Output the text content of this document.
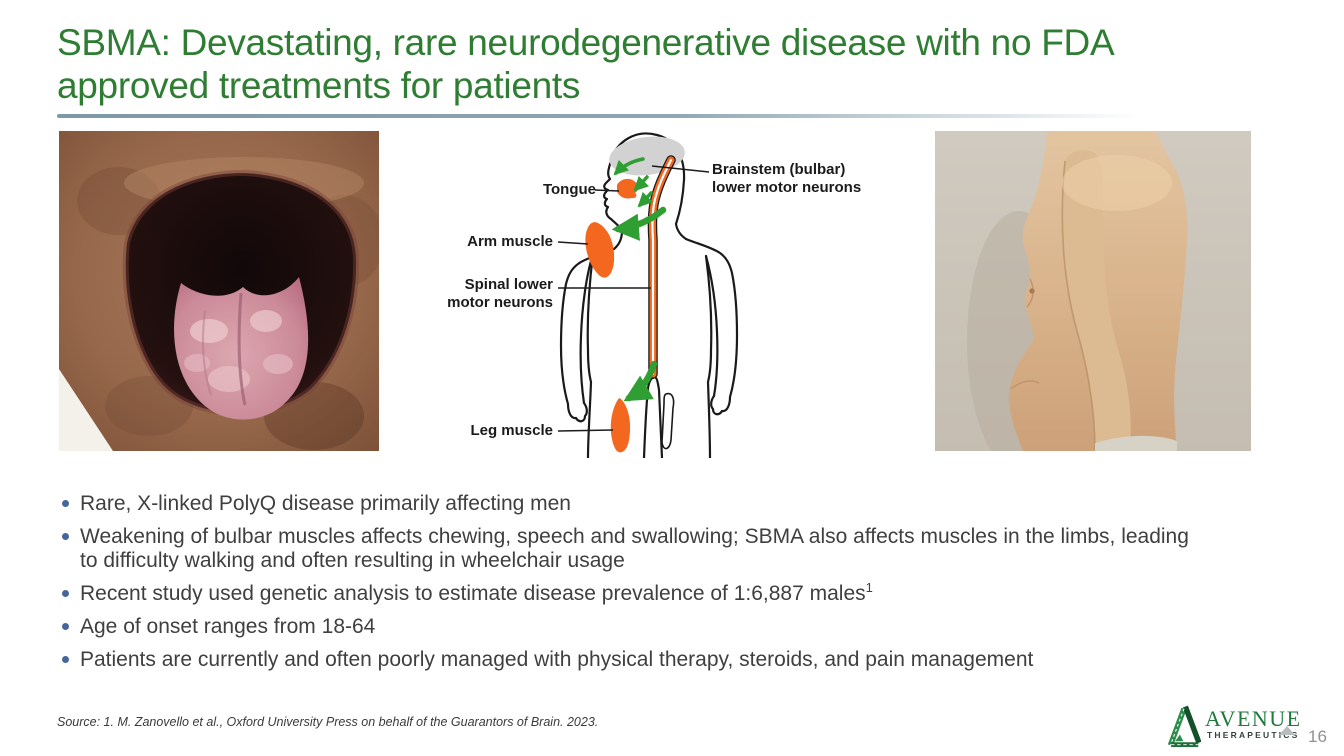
SBMA: Devastating, rare neurodegenerative disease with no FDA
approved treatments for patients
Tongue
Brainstem (bulbar)
lower motor neurons
Arm muscle
Spinal lower
motor neurons
Leg muscle
Rare, X-linked PolyQ disease primarily affecting men
Weakening of bulbar muscles affects chewing, speech and swallowing; SBMA also affects muscles in the limbs, leading to difficulty walking and often resulting in wheelchair usage
Recent study used genetic analysis to estimate disease prevalence of 1:6,887 males$^1$
Age of onset ranges from 18-64
Patients are currently and often poorly managed with physical therapy, steroids, and pain management
Source: 1. M. Zanovello et al., Oxford University Press on behalf of the Guarantors of Brain. 2023.	AVENUE
THERAPEUTICS 16
